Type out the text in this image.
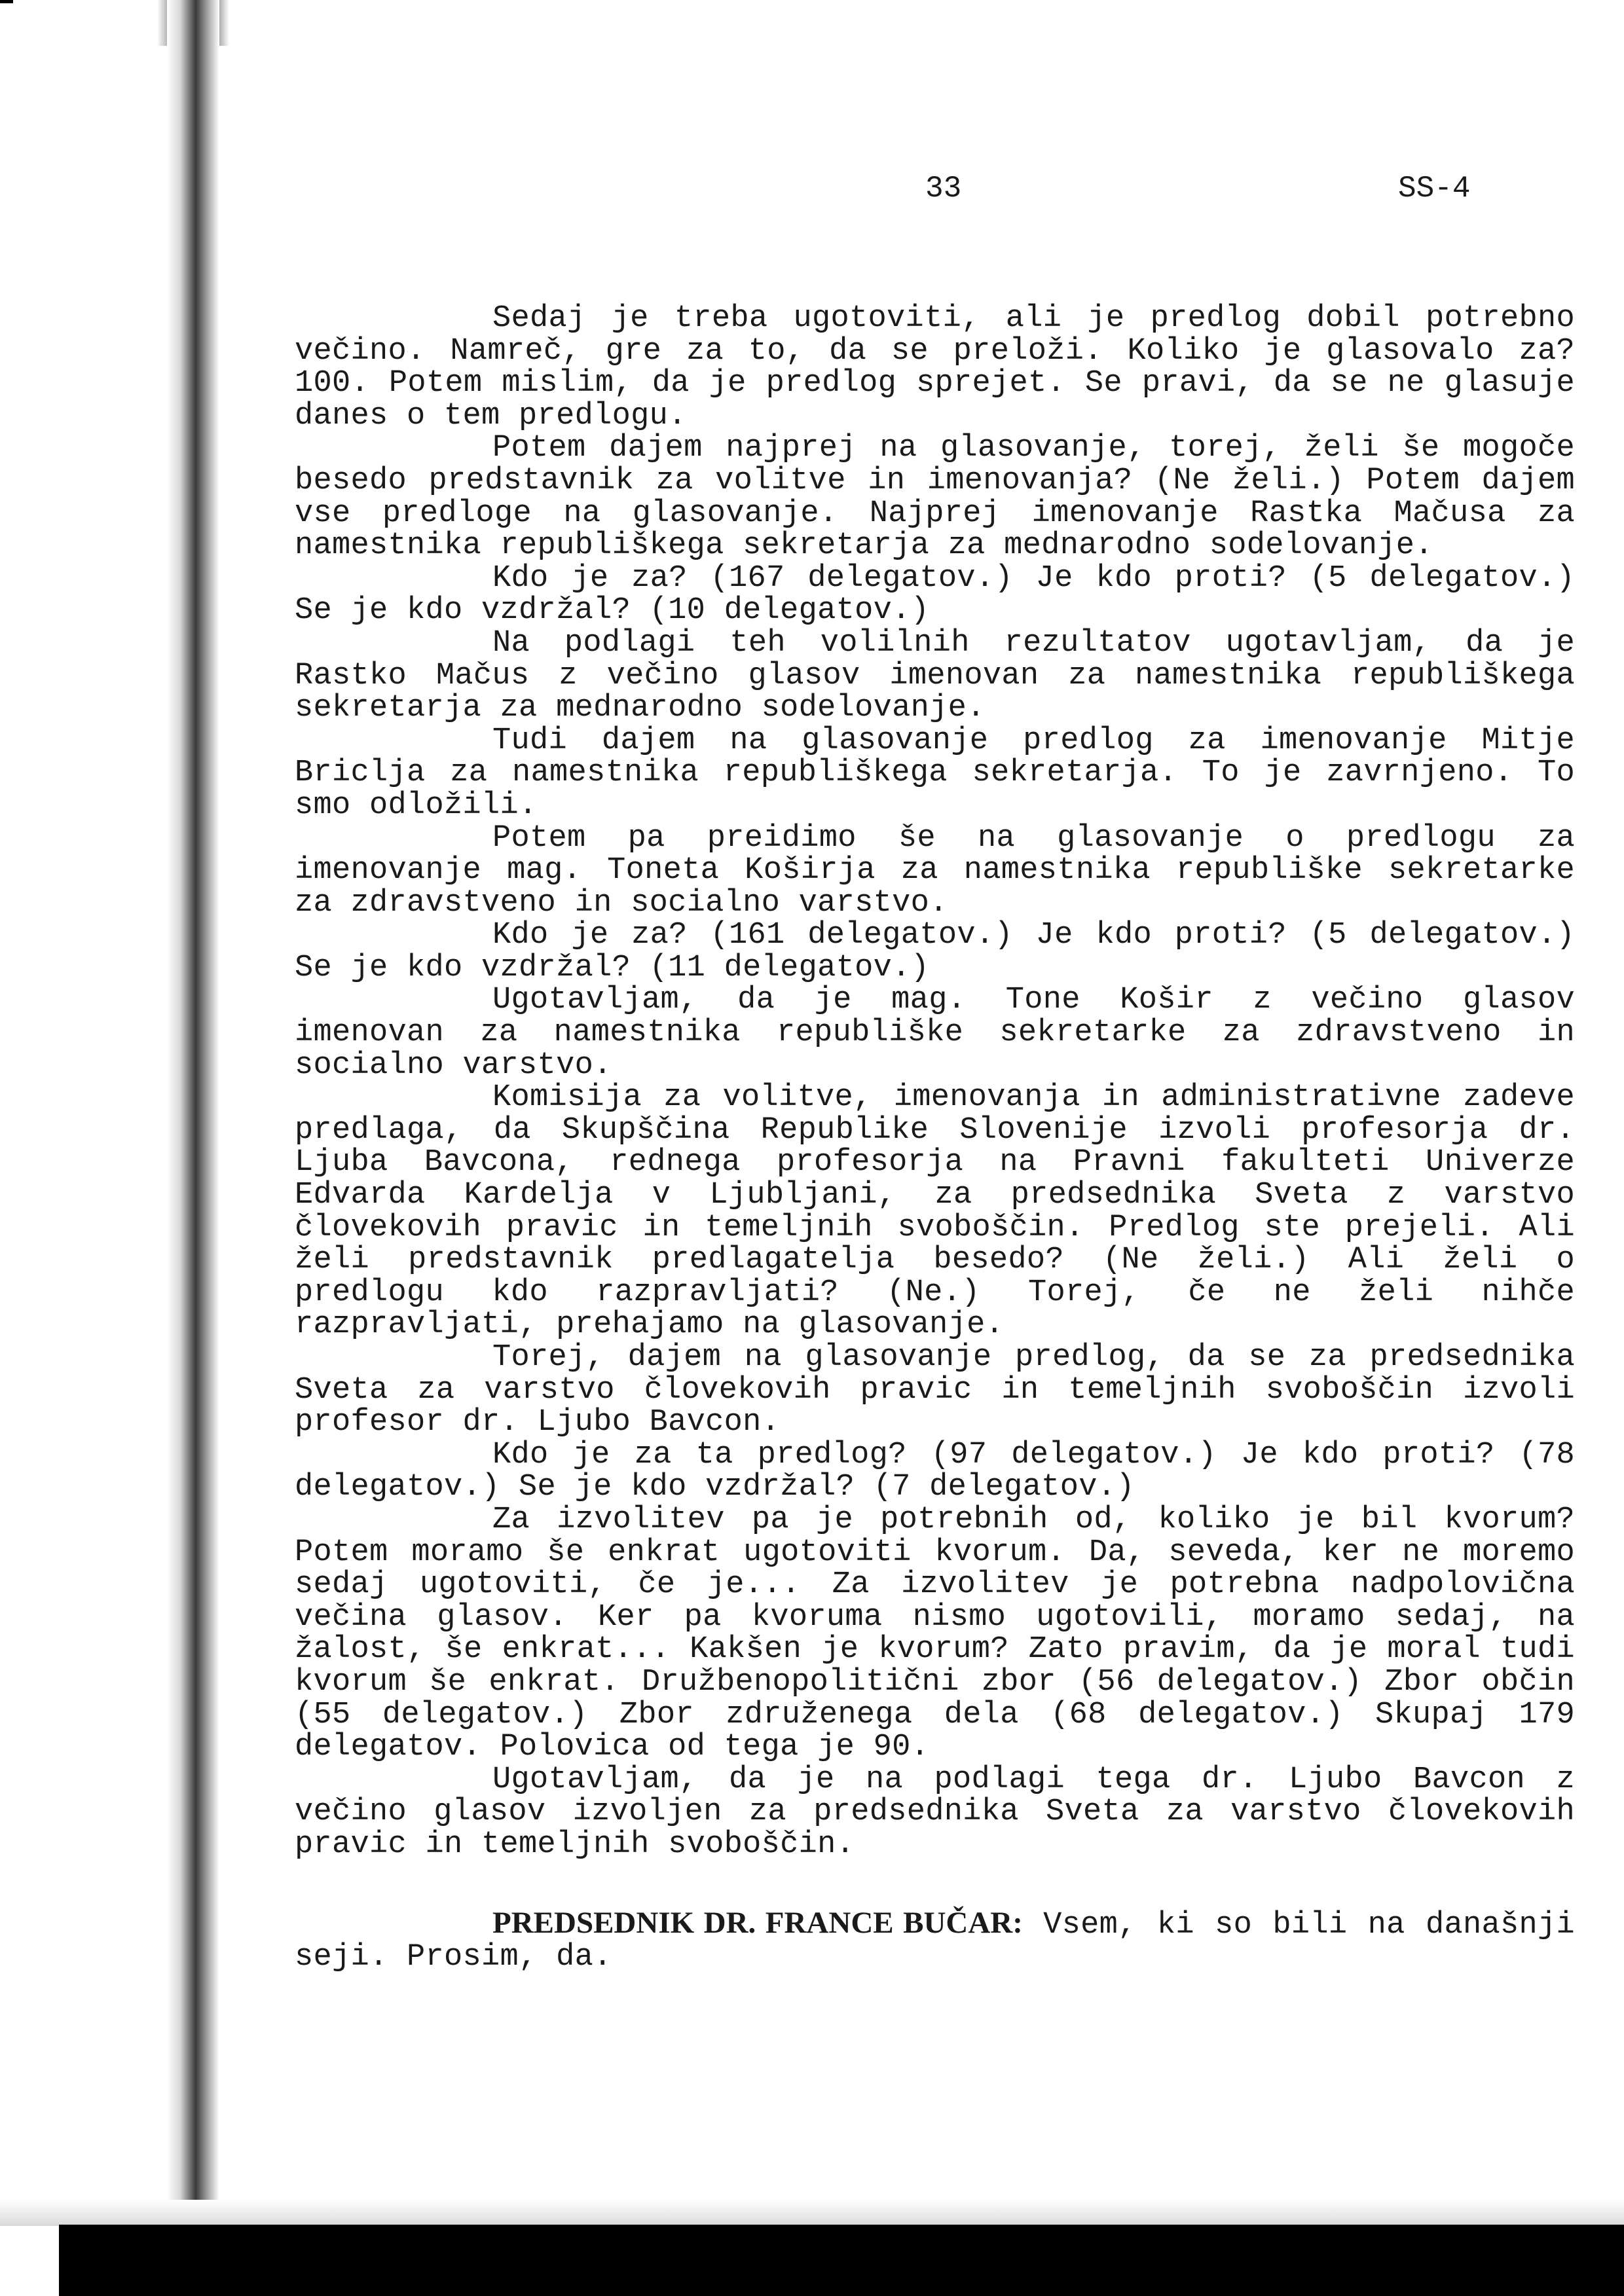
33	SS-4

Sedaj je treba ugotoviti, ali je predlog dobil potrebno večino. Namreč, gre za to, da se preloži. Koliko je glasovalo za? 100. Potem mislim, da je predlog sprejet. Se pravi, da se ne glasuje danes o tem predlogu.

Potem dajem najprej na glasovanje, torej, želi še mogoče besedo predstavnik za volitve in imenovanja? (Ne želi.) Potem dajem vse predloge na glasovanje. Najprej imenovanje Rastka Mačusa za namestnika republiškega sekretarja za mednarodno sodelovanje.

Kdo je za? (167 delegatov.) Je kdo proti? (5 delegatov.) Se je kdo vzdržal? (10 delegatov.)

Na podlagi teh volilnih rezultatov ugotavljam, da je Rastko Mačus z večino glasov imenovan za namestnika republiškega sekretarja za mednarodno sodelovanje.

Tudi dajem na glasovanje predlog za imenovanje Mitje Briclja za namestnika republiškega sekretarja. To je zavrnjeno. To smo odložili.

Potem pa preidimo še na glasovanje o predlogu za imenovanje mag. Toneta Koširja za namestnika republiške sekretarke za zdravstveno in socialno varstvo.

Kdo je za? (161 delegatov.) Je kdo proti? (5 delegatov.) Se je kdo vzdržal? (11 delegatov.)

Ugotavljam, da je mag. Tone Košir z večino glasov imenovan za namestnika republiške sekretarke za zdravstveno in socialno varstvo.

Komisija za volitve, imenovanja in administrativne zadeve predlaga, da Skupščina Republike Slovenije izvoli profesorja dr. Ljuba Bavcona, rednega profesorja na Pravni fakulteti Univerze Edvarda Kardelja v Ljubljani, za predsednika Sveta z varstvo človekovih pravic in temeljnih svoboščin. Predlog ste prejeli. Ali želi predstavnik predlagatelja besedo? (Ne želi.) Ali želi o predlogu kdo razpravljati? (Ne.) Torej, če ne želi nihče razpravljati, prehajamo na glasovanje.

Torej, dajem na glasovanje predlog, da se za predsednika Sveta za varstvo človekovih pravic in temeljnih svoboščin izvoli profesor dr. Ljubo Bavcon.

Kdo je za ta predlog? (97 delegatov.) Je kdo proti? (78 delegatov.) Se je kdo vzdržal? (7 delegatov.)

Za izvolitev pa je potrebnih od, koliko je bil kvorum? Potem moramo še enkrat ugotoviti kvorum. Da, seveda, ker ne moremo sedaj ugotoviti, če je... Za izvolitev je potrebna nadpolovična večina glasov. Ker pa kvoruma nismo ugotovili, moramo sedaj, na žalost, še enkrat... Kakšen je kvorum? Zato pravim, da je moral tudi kvorum še enkrat. Družbenopolitični zbor (56 delegatov.) Zbor občin (55 delegatov.) Zbor združenega dela (68 delegatov.) Skupaj 179 delegatov. Polovica od tega je 90.

Ugotavljam, da je na podlagi tega dr. Ljubo Bavcon z večino glasov izvoljen za predsednika Sveta za varstvo človekovih pravic in temeljnih svoboščin.

PREDSEDNIK DR. FRANCE BUČAR: Vsem, ki so bili na današnji seji. Prosim, da.
